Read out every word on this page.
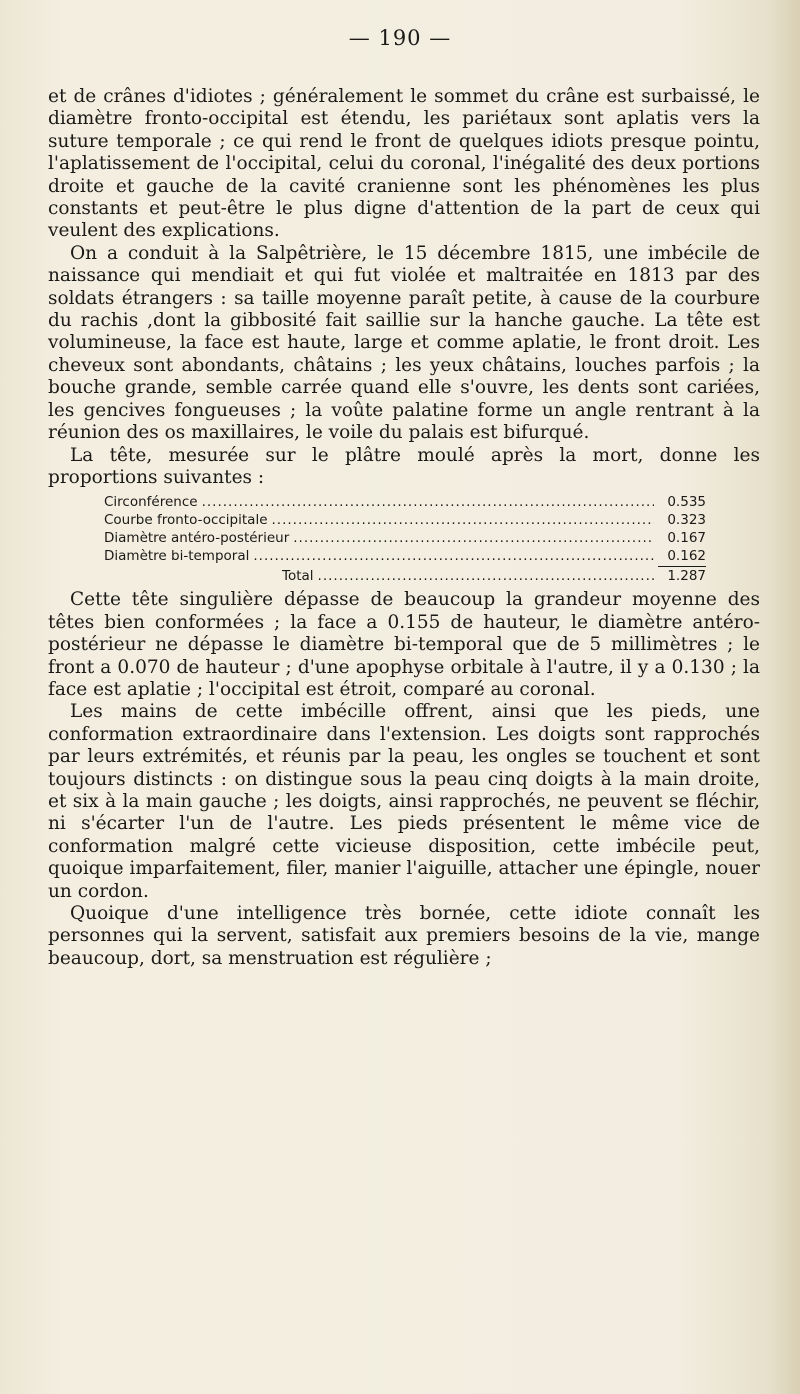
— 190 —

et de crânes d'idiotes ; généralement le sommet du crâne est surbaissé, le diamètre fronto-occipital est étendu, les pariétaux sont aplatis vers la suture temporale ; ce qui rend le front de quelques idiots presque pointu, l'aplatissement de l'occipital, celui du coronal, l'inégalité des deux portions droite et gauche de la cavité cranienne sont les phénomènes les plus constants et peut-être le plus digne d'attention de la part de ceux qui veulent des explications.

On a conduit à la Salpêtrière, le 15 décembre 1815, une imbécile de naissance qui mendiait et qui fut violée et maltraitée en 1813 par des soldats étrangers : sa taille moyenne paraît petite, à cause de la courbure du rachis ,dont la gibbosité fait saillie sur la hanche gauche. La tête est volumineuse, la face est haute, large et comme aplatie, le front droit. Les cheveux sont abondants, châtains ; les yeux châtains, louches parfois ; la bouche grande, semble carrée quand elle s'ouvre, les dents sont cariées, les gencives fongueuses ; la voûte palatine forme un angle rentrant à la réunion des os maxillaires, le voile du palais est bifurqué.

La tête, mesurée sur le plâtre moulé après la mort, donne les proportions suivantes :

Circonférence .....	0.535
Courbe fronto-occipitale .....	0.323
Diamètre antéro-postérieur .....	0.167
Diamètre bi-temporal .....	0.162
Total .....	1.287

Cette tête singulière dépasse de beaucoup la grandeur moyenne des têtes bien conformées ; la face a 0.155 de hauteur, le diamètre antéro-postérieur ne dépasse le diamètre bi-temporal que de 5 millimètres ; le front a 0.070 de hauteur ; d'une apophyse orbitale à l'autre, il y a 0.130 ; la face est aplatie ; l'occipital est étroit, comparé au coronal.

Les mains de cette imbécille offrent, ainsi que les pieds, une conformation extraordinaire dans l'extension. Les doigts sont rapprochés par leurs extrémités, et réunis par la peau, les ongles se touchent et sont toujours distincts : on distingue sous la peau cinq doigts à la main droite, et six à la main gauche ; les doigts, ainsi rapprochés, ne peuvent se fléchir, ni s'écarter l'un de l'autre. Les pieds présentent le même vice de conformation malgré cette vicieuse disposition, cette imbécile peut, quoique imparfaitement, filer, manier l'aiguille, attacher une épingle, nouer un cordon.

Quoique d'une intelligence très bornée, cette idiote connaît les personnes qui la servent, satisfait aux premiers besoins de la vie, mange beaucoup, dort, sa menstruation est régulière ;
